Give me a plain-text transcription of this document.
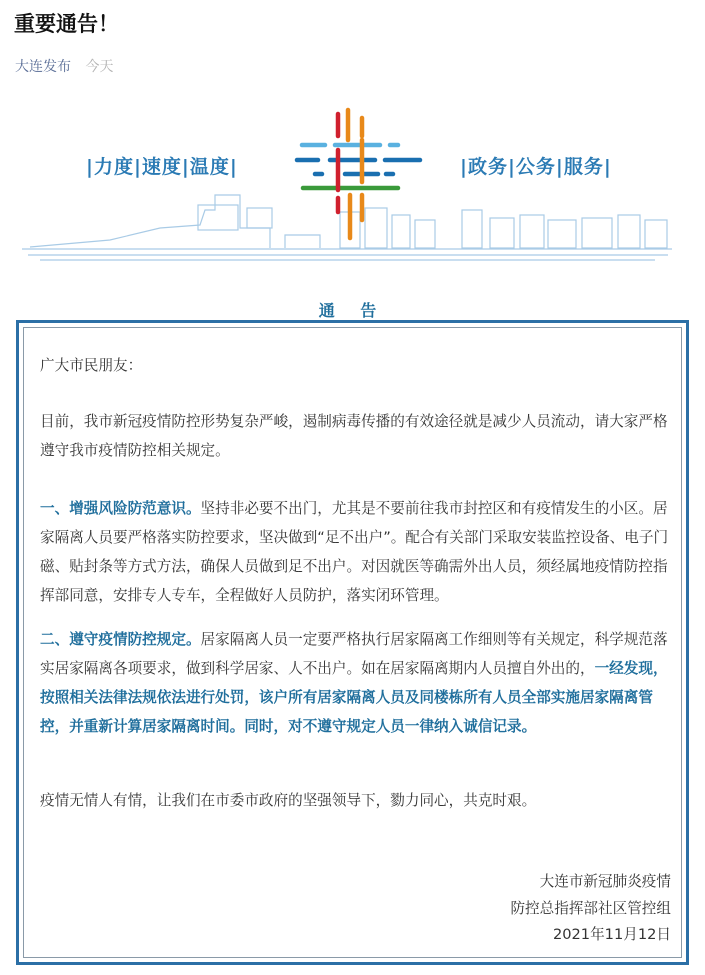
重要通告！
大连发布 今天
|力度|速度|温度|	|政务|公务|服务|
通 告
广大市民朋友：
目前，我市新冠疫情防控形势复杂严峻，遏制病毒传播的有效途径就是减少人员流动，请大家严格遵守我市疫情防控相关规定。
一、增强风险防范意识。坚持非必要不出门，尤其是不要前往我市封控区和有疫情发生的小区。居家隔离人员要严格落实防控要求，坚决做到“足不出户”。配合有关部门采取安装监控设备、电子门磁、贴封条等方式方法，确保人员做到足不出户。对因就医等确需外出人员，须经属地疫情防控指挥部同意，安排专人专车，全程做好人员防护，落实闭环管理。
二、遵守疫情防控规定。居家隔离人员一定要严格执行居家隔离工作细则等有关规定，科学规范落实居家隔离各项要求，做到科学居家、人不出户。如在居家隔离期内人员擅自外出的，一经发现，按照相关法律法规依法进行处罚，该户所有居家隔离人员及同楼栋所有人员全部实施居家隔离管控，并重新计算居家隔离时间。同时，对不遵守规定人员一律纳入诚信记录。
疫情无情人有情，让我们在市委市政府的坚强领导下，勠力同心，共克时艰。
大连市新冠肺炎疫情
防控总指挥部社区管控组
2021年11月12日
